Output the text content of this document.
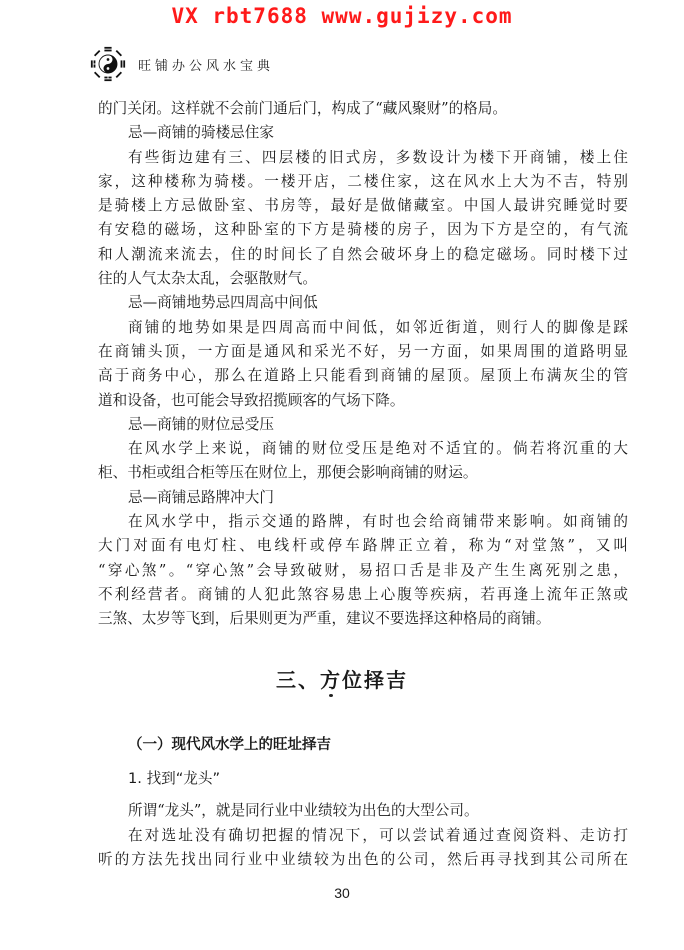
VX rbt7688 www.gujizy.com
旺铺办公风水宝典
的门关闭。这样就不会前门通后门，构成了“藏风聚财”的格局。
忌—商铺的骑楼忌住家
有些街边建有三、四层楼的旧式房，多数设计为楼下开商铺，楼上住
家，这种楼称为骑楼。一楼开店，二楼住家，这在风水上大为不吉，特别
是骑楼上方忌做卧室、书房等，最好是做储藏室。中国人最讲究睡觉时要
有安稳的磁场，这种卧室的下方是骑楼的房子，因为下方是空的，有气流
和人潮流来流去，住的时间长了自然会破坏身上的稳定磁场。同时楼下过
往的人气太杂太乱，会驱散财气。
忌—商铺地势忌四周高中间低
商铺的地势如果是四周高而中间低，如邻近街道，则行人的脚像是踩
在商铺头顶，一方面是通风和采光不好，另一方面，如果周围的道路明显
高于商务中心，那么在道路上只能看到商铺的屋顶。屋顶上布满灰尘的管
道和设备，也可能会导致招揽顾客的气场下降。
忌—商铺的财位忌受压
在风水学上来说，商铺的财位受压是绝对不适宜的。倘若将沉重的大
柜、书柜或组合柜等压在财位上，那便会影响商铺的财运。
忌—商铺忌路牌冲大门
在风水学中，指示交通的路牌，有时也会给商铺带来影响。如商铺的
大门对面有电灯柱、电线杆或停车路牌正立着，称为“对堂煞”，又叫
“穿心煞”。“穿心煞”会导致破财，易招口舌是非及产生生离死别之患，
不利经营者。商铺的人犯此煞容易患上心腹等疾病，若再逢上流年正煞或
三煞、太岁等飞到，后果则更为严重，建议不要选择这种格局的商铺。
三、方位择吉
（一）现代风水学上的旺址择吉
1. 找到“龙头”
所谓“龙头”，就是同行业中业绩较为出色的大型公司。
在对选址没有确切把握的情况下，可以尝试着通过查阅资料、走访打
听的方法先找出同行业中业绩较为出色的公司，然后再寻找到其公司所在
30
